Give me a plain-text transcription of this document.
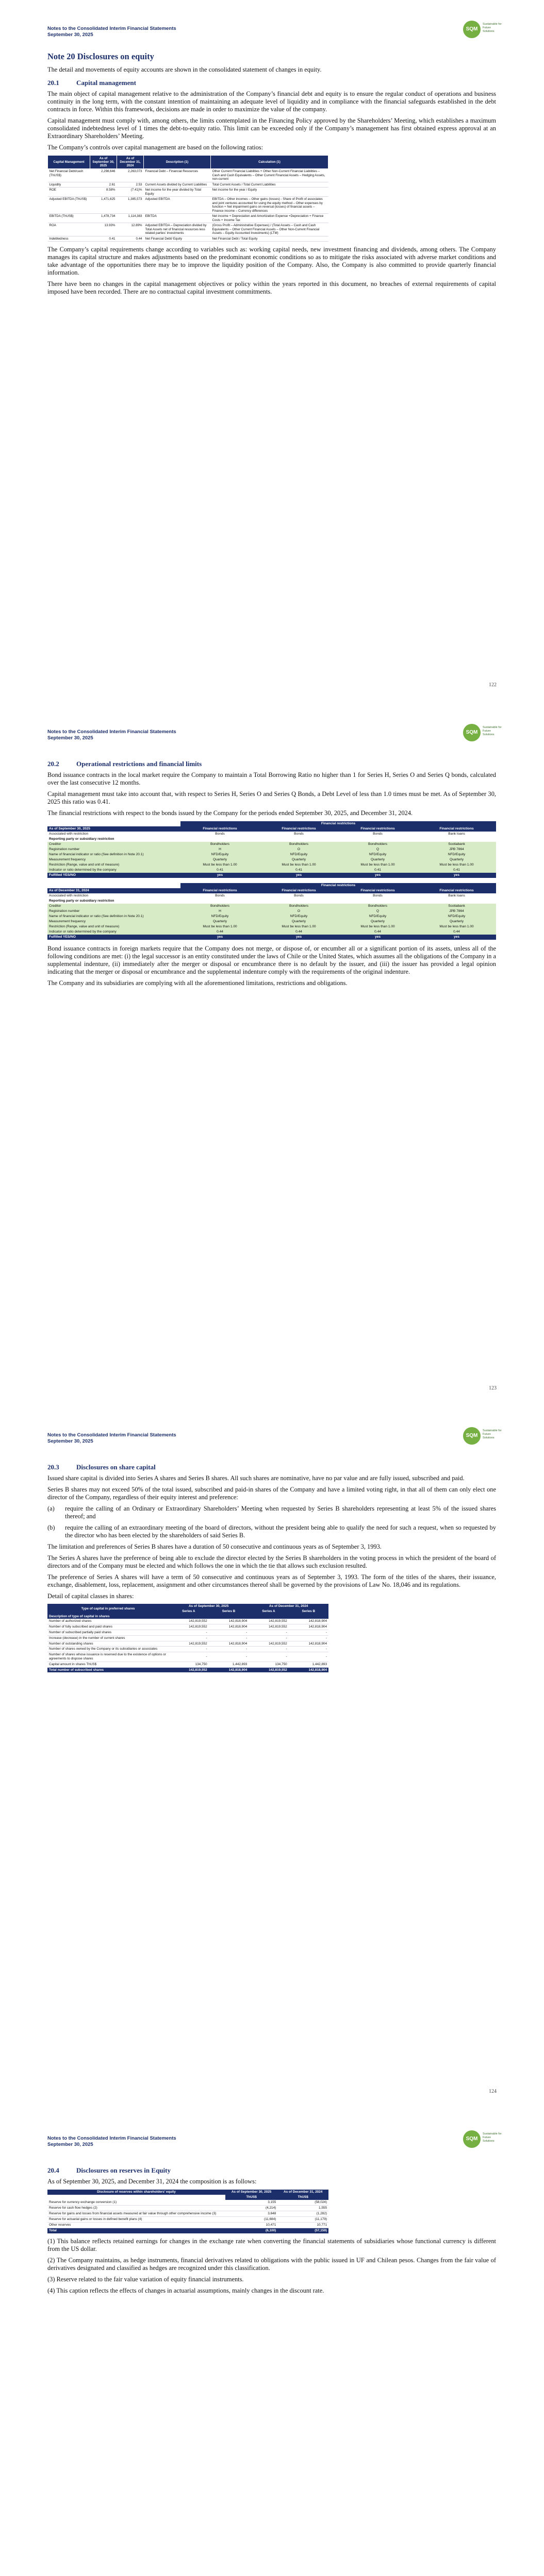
Notes to the Consolidated Interim Financial Statements
September 30, 2025
SQM
Sustainable for Future Solutions
Note 20 Disclosures on equity

The detail and movements of equity accounts are shown in the consolidated statement of changes in equity.

20.1	Capital management

The main object of capital management relative to the administration of the Company’s financial debt and equity is to ensure the regular conduct of operations and business continuity in the long term, with the constant intention of maintaining an adequate level of liquidity and in compliance with the financial safeguards established in the debt contracts in force. Within this framework, decisions are made in order to maximize the value of the company.

Capital management must comply with, among others, the limits contemplated in the Financing Policy approved by the Shareholders’ Meeting, which establishes a maximum consolidated indebtedness level of 1 times the debt-to-equity ratio. This limit can be exceeded only if the Company’s management has first obtained express approval at an Extraordinary Shareholders’ Meeting.

The Company’s controls over capital management are based on the following ratios:

Capital Management	As of September 30, 2025	As of December 31, 2024	Description (1)	Calculation (1)
Net Financial Debt/cash (ThUS$)	2,298,646	2,263,073	Financial Debt – Financial Resources	Other Current Financial Liabilities + Other Non-Current Financial Liabilities – Cash and Cash Equivalents – Other Current Financial Assets – Hedging Assets, non-current
Liquidity	2.61	2.53	Current Assets divided by Current Liabilities	Total Current Assets / Total Current Liabilities
ROE	8.58%	(7.41)%	Net income for the year divided by Total Equity	Net income for the year / Equity
Adjusted EBITDA (ThUS$)	1,471,625	1,385,573	Adjusted EBITDA	EBITDA – Other incomes – Other gains (losses) - Share of Profit of associates and joint ventures accounted for using the equity method – Other expenses by function + Net impairment gains on reversal (losses) of financial assets – Finance income – Currency differences
EBITDA (ThUS$)	1,478,734	1,114,383	EBITDA	Net income + Depreciation and Amortization Expense +Depreciation + Finance Costs + Income Tax
ROA	13.93%	12.89%	Adjusted EBITDA – Depreciation divided by Total Assets net of financial resources less related parties’ investments	(Gross Profit – Administrative Expenses) / (Total Assets – Cash and Cash Equivalents – Other Current Financial Assets – Other Non-Current Financial Assets – Equity Accounted Investments) (LTM)
Indebtedness	0.41	0.44	Net Financial Debt/ Equity	Net Financial Debt / Total Equity

The Company’s capital requirements change according to variables such as: working capital needs, new investment financing and dividends, among others. The Company manages its capital structure and makes adjustments based on the predominant economic conditions so as to mitigate the risks associated with adverse market conditions and take advantage of the opportunities there may be to improve the liquidity position of the Company. Also, the Company is also committed to provide quarterly financial information.

There have been no changes in the capital management objectives or policy within the years reported in this document, no breaches of external requirements of capital imposed have been recorded. There are no contractual capital investment commitments.

122
Notes to the Consolidated Interim Financial Statements
September 30, 2025
SQM
Sustainable for Future Solutions
20.2	Operational restrictions and financial limits

Bond issuance contracts in the local market require the Company to maintain a Total Borrowing Ratio no higher than 1 for Series H, Series O and Series Q bonds, calculated over the last consecutive 12 months.

Capital management must take into account that, with respect to Series H, Series O and Series Q Bonds, a Debt Level of less than 1.0 times must be met. As of September 30, 2025 this ratio was 0.41.

The financial restrictions with respect to the bonds issued by the Company for the periods ended September 30, 2025, and December 31, 2024.

	Financial restrictions			
As of September 30, 2025	Financial restrictions	Financial restrictions	Financial restrictions	Financial restrictions
Associated with restriction	Bonds	Bonds	Bonds	Bank loans
Reporting party or subsidiary restriction				
Creditor	Bondholders	Bondholders	Bondholders	Scotiabank
Registration number	H	O	Q	JPB 7864
Name of financial indicator or ratio (See definition in Note 20.1)	NFD/Equity	NFD/Equity	NFD/Equity	NFD/Equity
Measurement frequency	Quarterly	Quarterly	Quarterly	Quarterly
Restriction (Range, value and unit of measure)	Must be less than 1.00	Must be less than 1.00	Must be less than 1.00	Must be less than 1.00
Indicator or ratio determined by the company	0.41	0.41	0.41	0.41
Fulfilled YES/NO	yes	yes	yes	yes
	Financial restrictions			
As of December 31, 2024	Financial restrictions	Financial restrictions	Financial restrictions	Financial restrictions
Associated with restriction	Bonds	Bonds	Bonds	Bank loans
Reporting party or subsidiary restriction				
Creditor	Bondholders	Bondholders	Bondholders	Scotiabank
Registration number	H	O	Q	JPB 7864
Name of financial indicator or ratio (See definition in Note 20.1)	NFD/Equity	NFD/Equity	NFD/Equity	NFD/Equity
Measurement frequency	Quarterly	Quarterly	Quarterly	Quarterly
Restriction (Range, value and unit of measure)	Must be less than 1.00	Must be less than 1.00	Must be less than 1.00	Must be less than 1.00
Indicator or ratio determined by the company	0.44	0.44	0.44	0.44
Fulfilled YES/NO	yes	yes	yes	yes

Bond issuance contracts in foreign markets require that the Company does not merge, or dispose of, or encumber all or a significant portion of its assets, unless all of the following conditions are met: (i) the legal successor is an entity constituted under the laws of Chile or the United States, which assumes all the obligations of the Company in a supplemental indenture, (ii) immediately after the merger or disposal or encumbrance there is no default by the issuer, and (iii) the issuer has provided a legal opinion indicating that the merger or disposal or encumbrance and the supplemental indenture comply with the requirements of the original indenture.

The Company and its subsidiaries are complying with all the aforementioned limitations, restrictions and obligations.

123
Notes to the Consolidated Interim Financial Statements
September 30, 2025
SQM
Sustainable for Future Solutions
20.3	Disclosures on share capital

Issued share capital is divided into Series A shares and Series B shares. All such shares are nominative, have no par value and are fully issued, subscribed and paid.

Series B shares may not exceed 50% of the total issued, subscribed and paid-in shares of the Company and have a limited voting right, in that all of them can only elect one director of the Company, regardless of their equity interest and preference:

(a)	require the calling of an Ordinary or Extraordinary Shareholders’ Meeting when requested by Series B shareholders representing at least 5% of the issued shares thereof; and
(b)	require the calling of an extraordinary meeting of the board of directors, without the president being able to qualify the need for such a request, when so requested by the director who has been elected by the shareholders of said Series B.

The limitation and preferences of Series B shares have a duration of 50 consecutive and continuous years as of September 3, 1993.

The Series A shares have the preference of being able to exclude the director elected by the Series B shareholders in the voting process in which the president of the board of directors and of the Company must be elected and which follows the one in which the tie that allows such exclusion resulted.

The preference of Series A shares will have a term of 50 consecutive and continuous years as of September 3, 1993. The form of the titles of the shares, their issuance, exchange, disablement, loss, replacement, assignment and other circumstances thereof shall be governed by the provisions of Law No. 18,046 and its regulations.

Detail of capital classes in shares:

Type of capital in preferred shares	As of September 30, 2025		As of December 31, 2024	
	Series A	Series B	Series A	Series B
Description of type of capital in shares				
Number of authorized shares	142,819,552	142,818,904	142,819,552	142,818,904
Number of fully subscribed and paid shares	142,819,552	142,818,904	142,819,552	142,818,904
Number of subscribed partially paid shares	-	-	-	-
Increase (decrease) in the number of current shares	-	-	-	-
Number of outstanding shares	142,819,552	142,818,904	142,819,552	142,818,904
Number of shares owned by the Company or its subsidiaries or associates	-	-	-	-
Number of shares whose issuance is reserved due to the existence of options or agreements to dispose shares	-	-	-	-
Capital amount in shares ThUS$	134,750	1,442,893	134,750	1,442,893
Total number of subscribed shares	142,819,552	142,818,904	142,819,552	142,818,904
124
Notes to the Consolidated Interim Financial Statements
September 30, 2025
SQM
Sustainable for Future Solutions
20.4	Disclosures on reserves in Equity

As of September 30, 2025, and December 31, 2024 the composition is as follows:

Disclosure of reserves within shareholders’ equity	As of September 30, 2025	As of December 31, 2024
	ThUS$	ThUS$
Reserve for currency exchange conversion (1)	3,155	(58,024)
Reserve for cash flow hedges (2)	(4,214)	1,555
Reserve for gains and losses from financial assets measured at fair value through other comprehensive income (3)	3,648	(1,282)
Reserve for actuarial gains or losses in defined benefit plans (4)	(11,684)	(11,179)
Other reserves	10,471	10,771
Total	(6,100)	(57,159)

(1) This balance reflects retained earnings for changes in the exchange rate when converting the financial statements of subsidiaries whose functional currency is different from the US dollar.

(2) The Company maintains, as hedge instruments, financial derivatives related to obligations with the public issued in UF and Chilean pesos. Changes from the fair value of derivatives designated and classified as hedges are recognized under this classification.

(3) Reserve related to the fair value variation of equity financial instruments.

(4) This caption reflects the effects of changes in actuarial assumptions, mainly changes in the discount rate.
